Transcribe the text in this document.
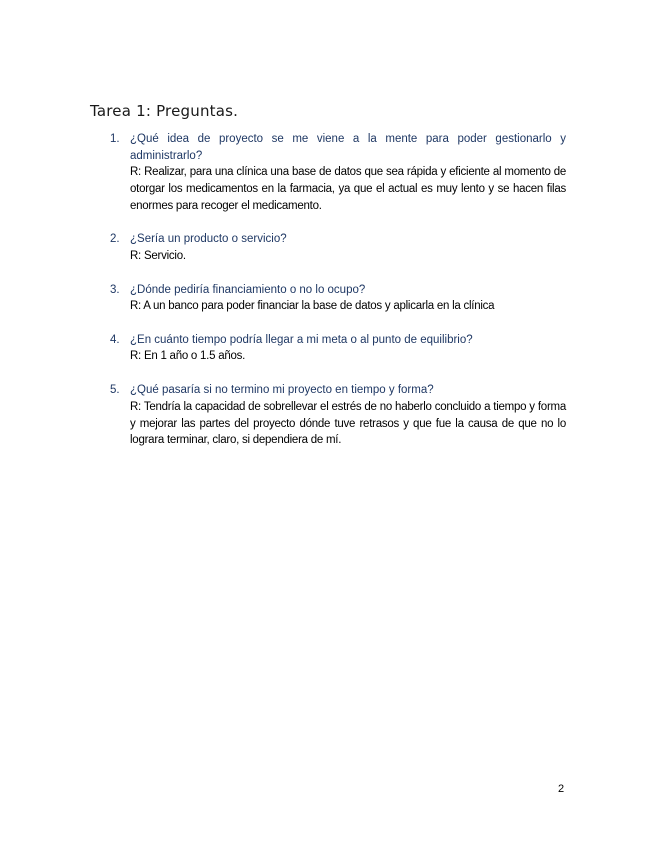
Tarea 1: Preguntas.
1. ¿Qué idea de proyecto se me viene a la mente para poder gestionarlo y administrarlo?

R: Realizar, para una clínica una base de datos que sea rápida y eficiente al momento de otorgar los medicamentos en la farmacia, ya que el actual es muy lento y se hacen filas enormes para recoger el medicamento.

2. ¿Sería un producto o servicio?

R: Servicio.

3. ¿Dónde pediría financiamiento o no lo ocupo?

R: A un banco para poder financiar la base de datos y aplicarla en la clínica

4. ¿En cuánto tiempo podría llegar a mi meta o al punto de equilibrio?

R: En 1 año o 1.5 años.

5. ¿Qué pasaría si no termino mi proyecto en tiempo y forma?

R: Tendría la capacidad de sobrellevar el estrés de no haberlo concluido a tiempo y forma y mejorar las partes del proyecto dónde tuve retrasos y que fue la causa de que no lo lograra terminar, claro, si dependiera de mí.

2
